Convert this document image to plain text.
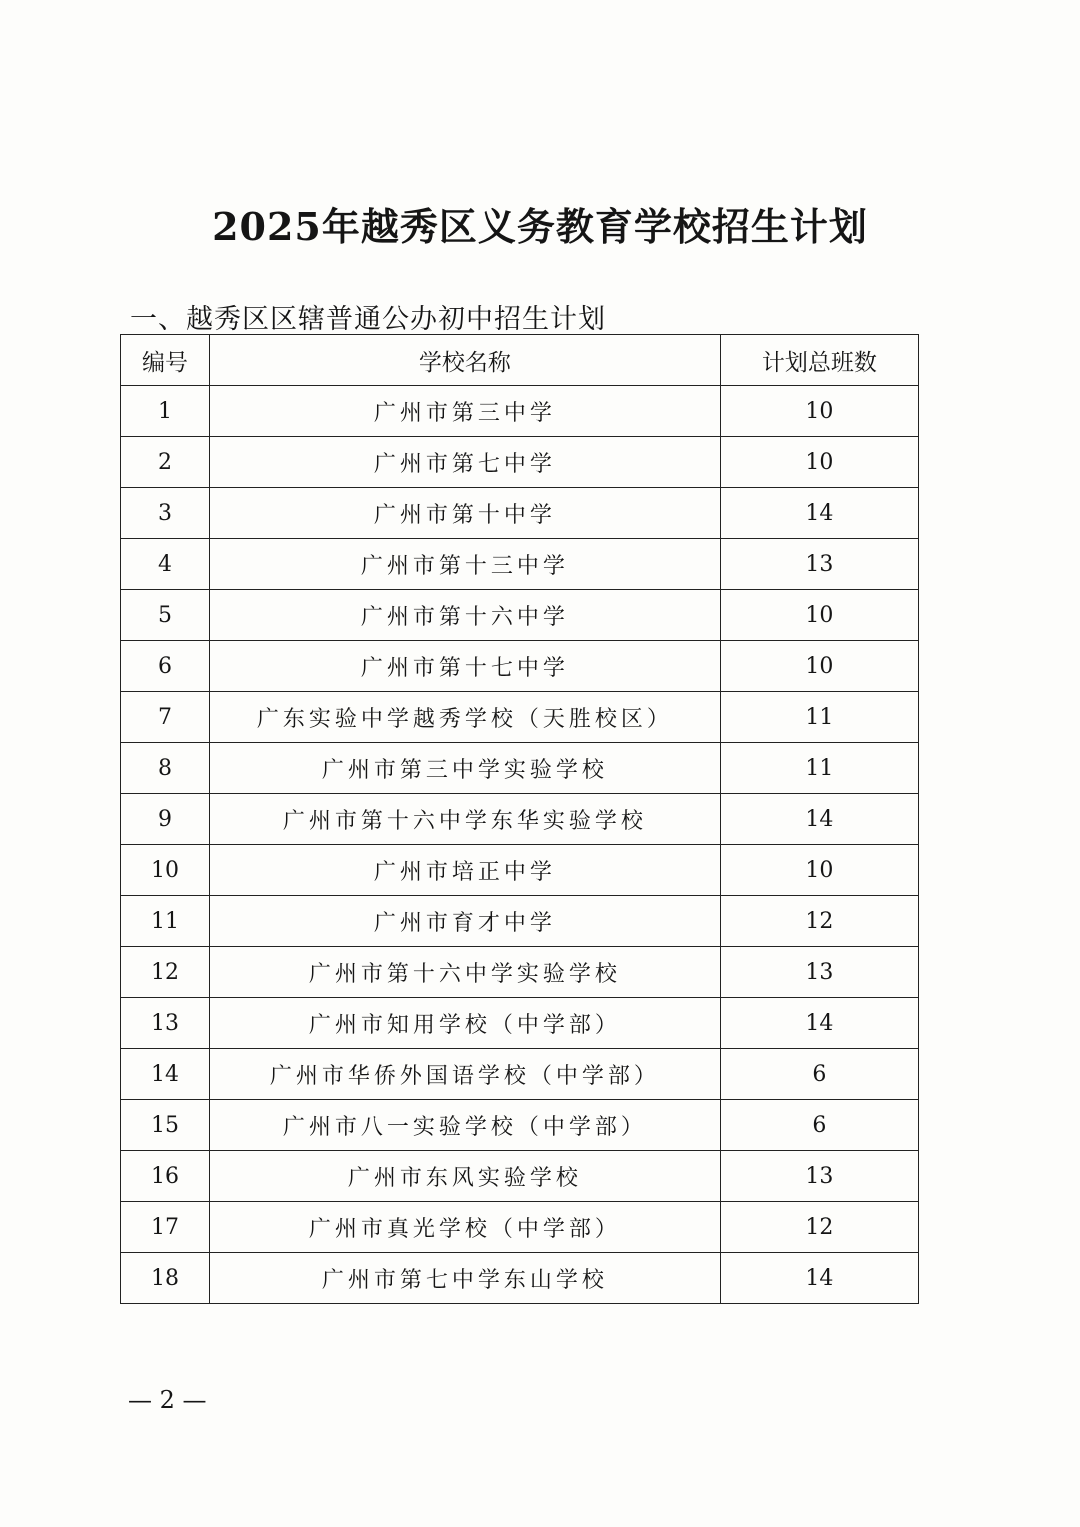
2025年越秀区义务教育学校招生计划
一、越秀区区辖普通公办初中招生计划
编号	学校名称	计划总班数
1	广州市第三中学	10
2	广州市第七中学	10
3	广州市第十中学	14
4	广州市第十三中学	13
5	广州市第十六中学	10
6	广州市第十七中学	10
7	广东实验中学越秀学校（天胜校区）	11
8	广州市第三中学实验学校	11
9	广州市第十六中学东华实验学校	14
10	广州市培正中学	10
11	广州市育才中学	12
12	广州市第十六中学实验学校	13
13	广州市知用学校（中学部）	14
14	广州市华侨外国语学校（中学部）	6
15	广州市八一实验学校（中学部）	6
16	广州市东风实验学校	13
17	广州市真光学校（中学部）	12
18	广州市第七中学东山学校	14
— 2 —
